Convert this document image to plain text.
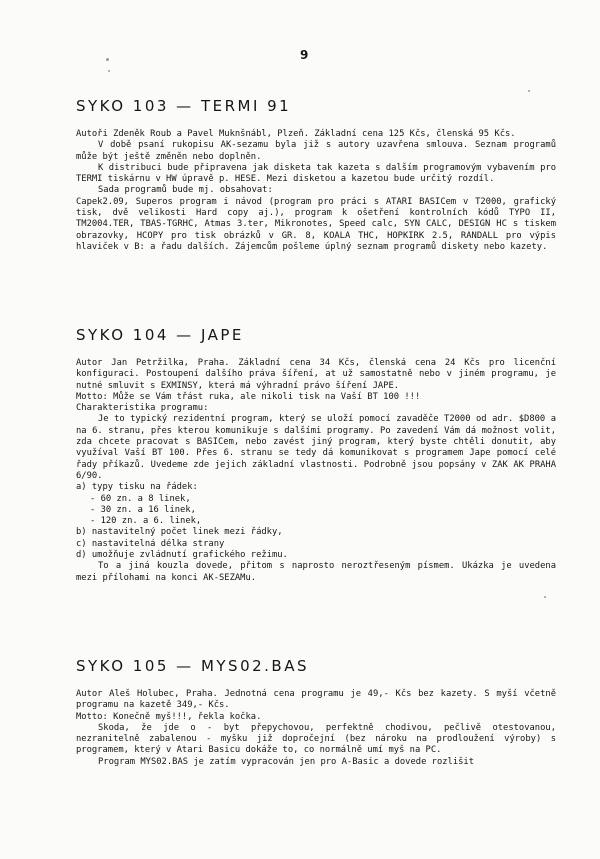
9
SYKO 103 — TERMI 91

Autoři Zdeněk Roub a Pavel Muknšnábl, Plzeň. Základní cena 125 Kčs, členská 95 Kčs.

V době psaní rukopisu AK-sezamu byla již s autory uzavřena smlouva. Seznam programů může být ještě změněn nebo doplněn.

K distribuci bude připravena jak disketa tak kazeta s dalším programovým vybavením pro TERMI tiskárnu v HW úpravě p. HESE. Mezi disketou a kazetou bude určitý rozdíl.

Sada programů bude mj. obsahovat:

Capek2.09, Superos program i návod (program pro práci s ATARI BASICem v T2000, grafický tisk, dvě velikosti Hard copy aj.), program k ošetření kontrolních kódů TYPO II, TM2004.TER, TBAS-TGRHC, Atmas 3.ter, Mikronotes, Speed calc, SYN CALC, DESIGN HC s tiskem obrazovky, HCOPY pro tisk obrázků v GR. 8, KOALA THC, HOPKIRK 2.5, RANDALL pro výpis hlaviček v B: a řadu dalších. Zájemcům pošleme úplný seznam programů diskety nebo kazety.

SYKO 104 — JAPE

Autor Jan Petržilka, Praha. Základní cena 34 Kčs, členská cena 24 Kčs pro licenční konfiguraci. Postoupení dalšího práva šíření, at už samostatně nebo v jiném programu, je nutné smluvit s EXMINSY, která má výhradní právo šíření JAPE.

Motto: Může se Vám třást ruka, ale nikoli tisk na Vaší BT 100 !!!

Charakteristika programu:

Je to typický rezidentní program, který se uloží pomocí zavaděče T2000 od adr. $D800 a na 6. stranu, přes kterou komunikuje s dalšími programy. Po zavedení Vám dá možnost volit, zda chcete pracovat s BASICem, nebo zavést jiný program, který byste chtěli donutit, aby využíval Vaší BT 100. Přes 6. stranu se tedy dá komunikovat s programem Jape pomocí celé řady příkazů. Uvedeme zde jejich základní vlastnosti. Podrobně jsou popsány v ZAK AK PRAHA 6/90.

a) typy tisku na řádek:
- 60 zn. a 8 linek,
- 30 zn. a 16 linek,
- 120 zn. a 6. linek,
b) nastavitelný počet linek mezi řádky,
c) nastavitelná délka strany
d) umožňuje zvládnutí grafického režimu.

To a jiná kouzla dovede, přitom s naprosto neroztřeseným písmem. Ukázka je uvedena mezi přílohami na konci AK-SEZAMu.

SYKO 105 — MYS02.BAS

Autor Aleš Holubec, Praha. Jednotná cena programu je 49,- Kčs bez kazety. S myší včetně programu na kazetě 349,- Kčs.

Motto: Konečně myš!!!, řekla kočka.

Skoda, že jde o - byt přepychovou, perfektně chodivou, pečlivě otestovanou, nezranitelně zabalenou - myšku již dopročejní (bez nároku na prodloužení výroby) s programem, který v Atari Basicu dokáže to, co normálně umí myš na PC.

Program MYS02.BAS je zatím vypracován jen pro A-Basic a dovede rozlišit
